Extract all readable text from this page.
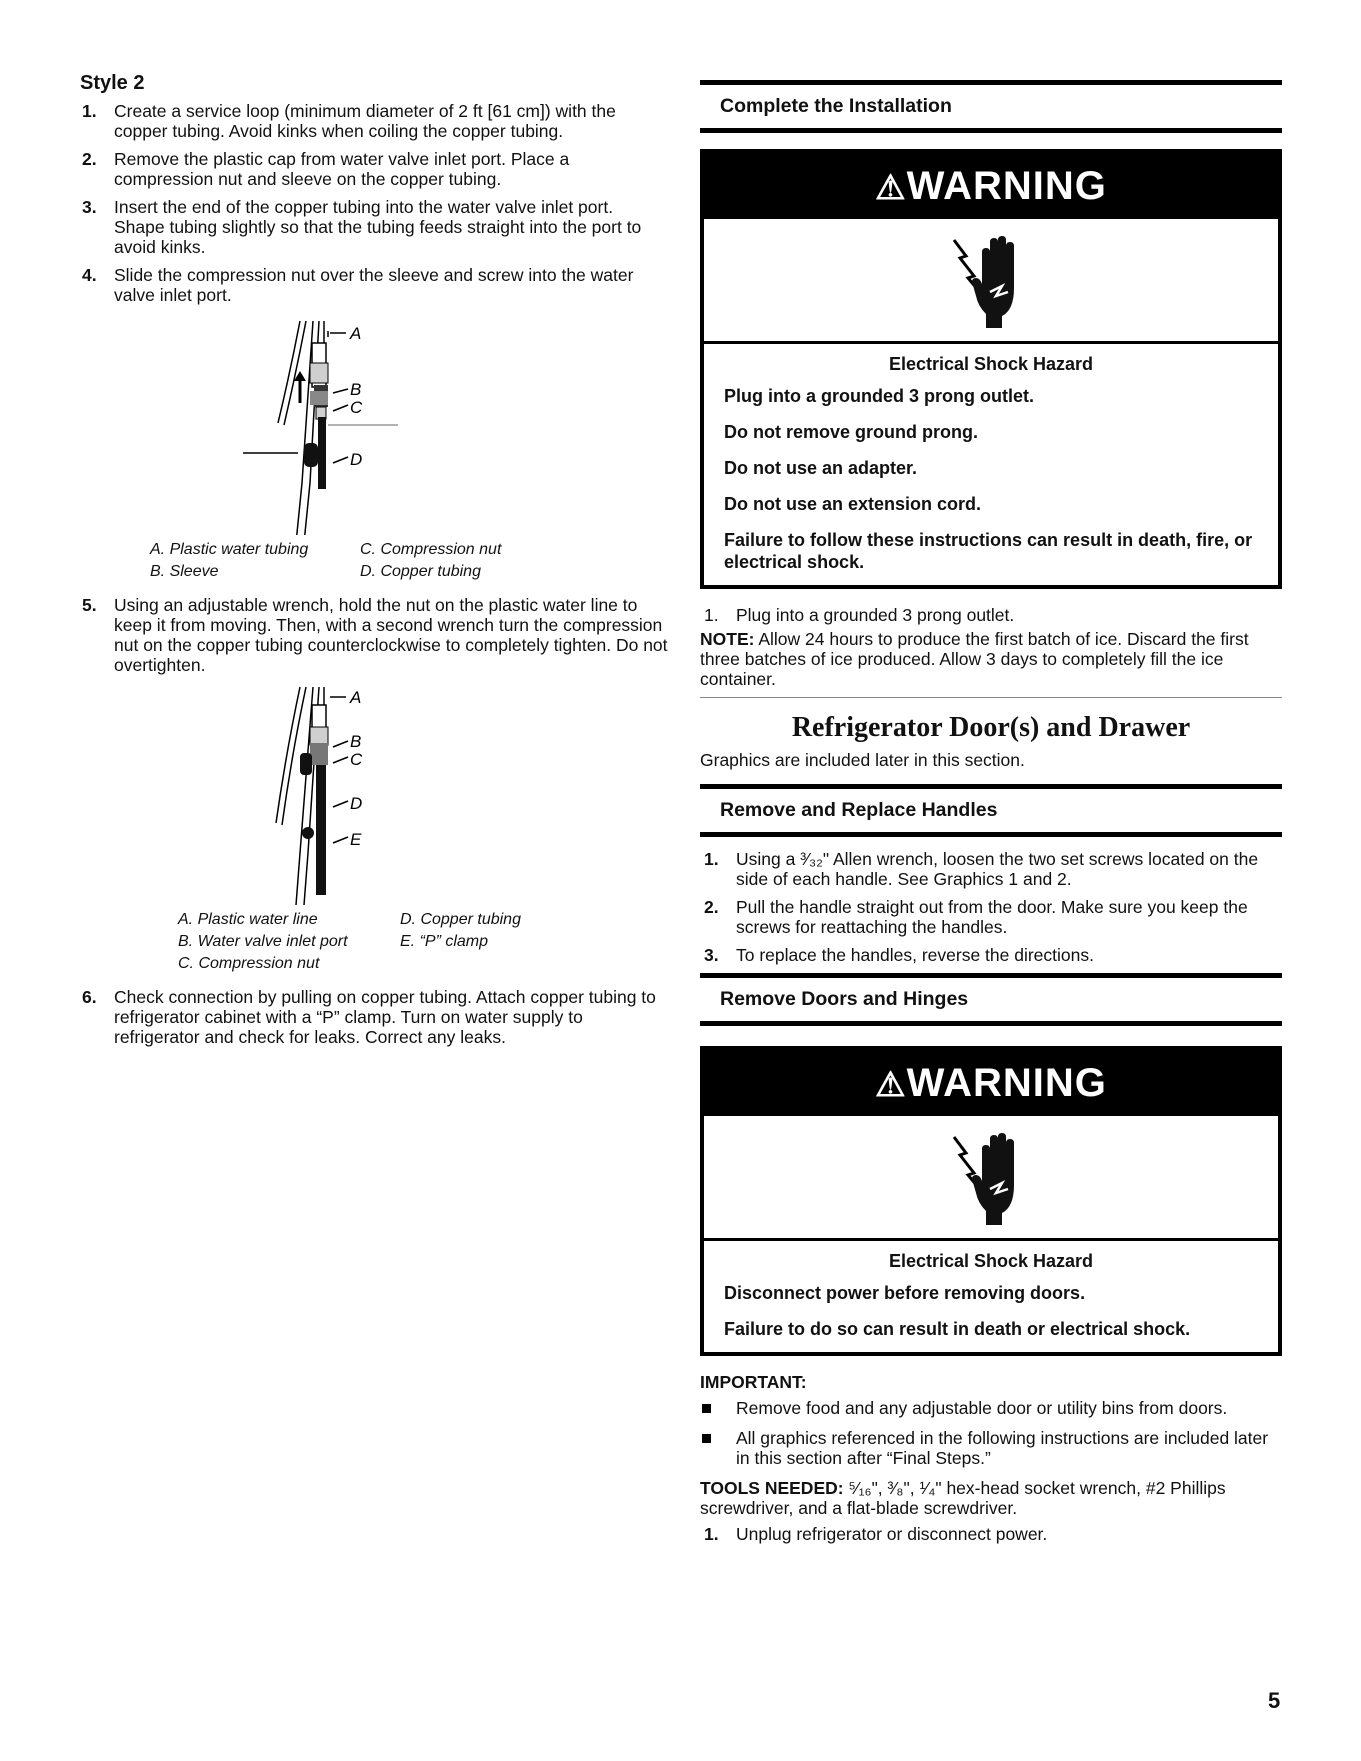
Style 2
1. Create a service loop (minimum diameter of 2 ft [61 cm]) with the copper tubing. Avoid kinks when coiling the copper tubing.
2. Remove the plastic cap from water valve inlet port. Place a compression nut and sleeve on the copper tubing.
3. Insert the end of the copper tubing into the water valve inlet port. Shape tubing slightly so that the tubing feeds straight into the port to avoid kinks.
4. Slide the compression nut over the sleeve and screw into the water valve inlet port.
A
B
C
D
A. Plastic water tubing	C. Compression nut
B. Sleeve	D. Copper tubing
5. Using an adjustable wrench, hold the nut on the plastic water line to keep it from moving. Then, with a second wrench turn the compression nut on the copper tubing counterclockwise to completely tighten. Do not overtighten.
A
B
C
D
E
A. Plastic water line	D. Copper tubing
B. Water valve inlet port	E. “P” clamp
C. Compression nut
6. Check connection by pulling on copper tubing. Attach copper tubing to refrigerator cabinet with a “P” clamp. Turn on water supply to refrigerator and check for leaks. Correct any leaks.
Complete the Installation
⚠WARNING
Electrical Shock Hazard

Plug into a grounded 3 prong outlet.

Do not remove ground prong.

Do not use an adapter.

Do not use an extension cord.

Failure to follow these instructions can result in death, fire, or electrical shock.

1. Plug into a grounded 3 prong outlet.

NOTE: Allow 24 hours to produce the first batch of ice. Discard the first three batches of ice produced. Allow 3 days to completely fill the ice container.

Refrigerator Door(s) and Drawer

Graphics are included later in this section.

Remove and Replace Handles
1. Using a ³⁄₃₂" Allen wrench, loosen the two set screws located on the side of each handle. See Graphics 1 and 2.
2. Pull the handle straight out from the door. Make sure you keep the screws for reattaching the handles.
3. To replace the handles, reverse the directions.
Remove Doors and Hinges
⚠WARNING
Electrical Shock Hazard

Disconnect power before removing doors.

Failure to do so can result in death or electrical shock.

IMPORTANT:

Remove food and any adjustable door or utility bins from doors.
All graphics referenced in the following instructions are included later in this section after “Final Steps.”

TOOLS NEEDED: ⁵⁄₁₆", ³⁄₈", ¹⁄₄" hex-head socket wrench, #2 Phillips screwdriver, and a flat-blade screwdriver.

1. Unplug refrigerator or disconnect power.
5
